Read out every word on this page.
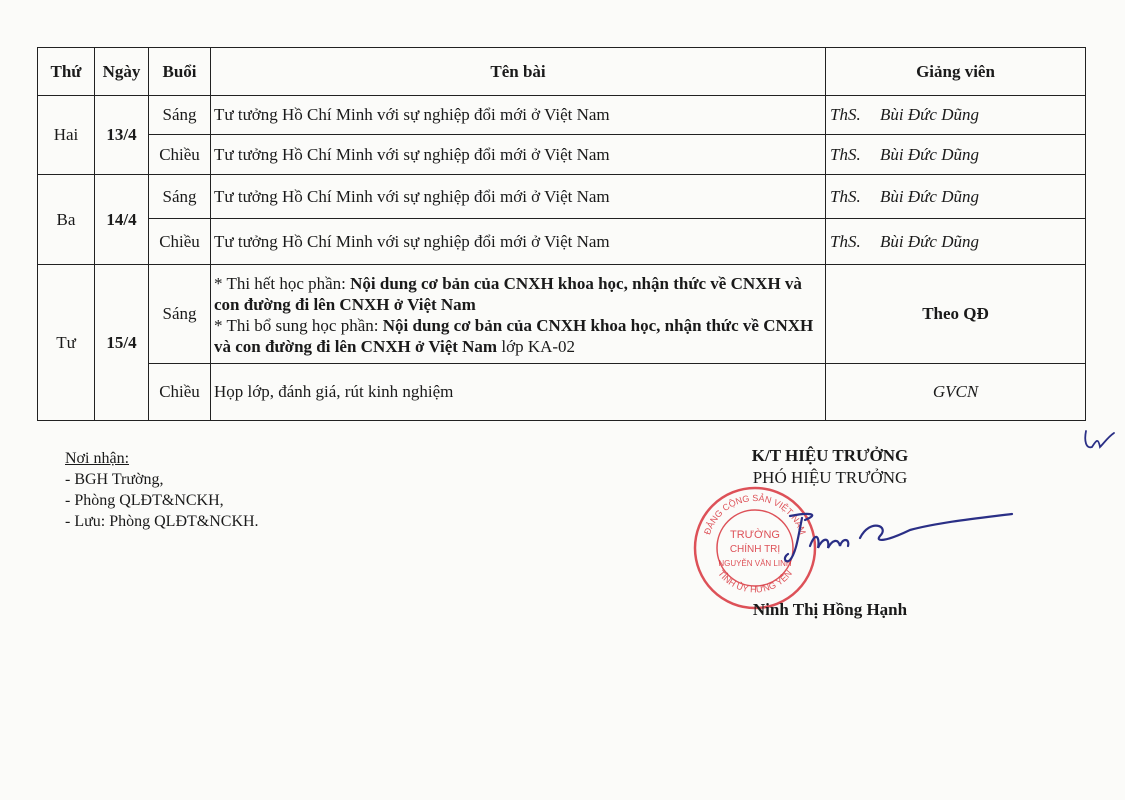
Thứ	Ngày	Buổi	Tên bài	Giảng viên
Hai	13/4	Sáng	Tư tưởng Hồ Chí Minh với sự nghiệp đổi mới ở Việt Nam	ThS. Bùi Đức Dũng
		Chiều	Tư tưởng Hồ Chí Minh với sự nghiệp đổi mới ở Việt Nam	ThS. Bùi Đức Dũng
Ba	14/4	Sáng	Tư tưởng Hồ Chí Minh với sự nghiệp đổi mới ở Việt Nam	ThS. Bùi Đức Dũng
		Chiều	Tư tưởng Hồ Chí Minh với sự nghiệp đổi mới ở Việt Nam	ThS. Bùi Đức Dũng
Tư	15/4	Sáng	* Thi hết học phần: Nội dung cơ bản của CNXH khoa học, nhận thức về CNXH và con đường đi lên CNXH ở Việt Nam
* Thi bổ sung học phần: Nội dung cơ bản của CNXH khoa học, nhận thức về CNXH và con đường đi lên CNXH ở Việt Nam lớp KA-02	Theo QĐ
		Chiều	Họp lớp, đánh giá, rút kinh nghiệm	GVCN
Nơi nhận:
- BGH Trường,
- Phòng QLĐT&NCKH,
- Lưu: Phòng QLĐT&NCKH.
K/T HIỆU TRƯỞNG
PHÓ HIỆU TRƯỞNG
ĐẢNG CỘNG SẢN VIỆT NAM
TỈNH ỦY HƯNG YÊN
TRƯỜNG
CHÍNH TRỊ
NGUYỄN VĂN LINH
Ninh Thị Hồng Hạnh
